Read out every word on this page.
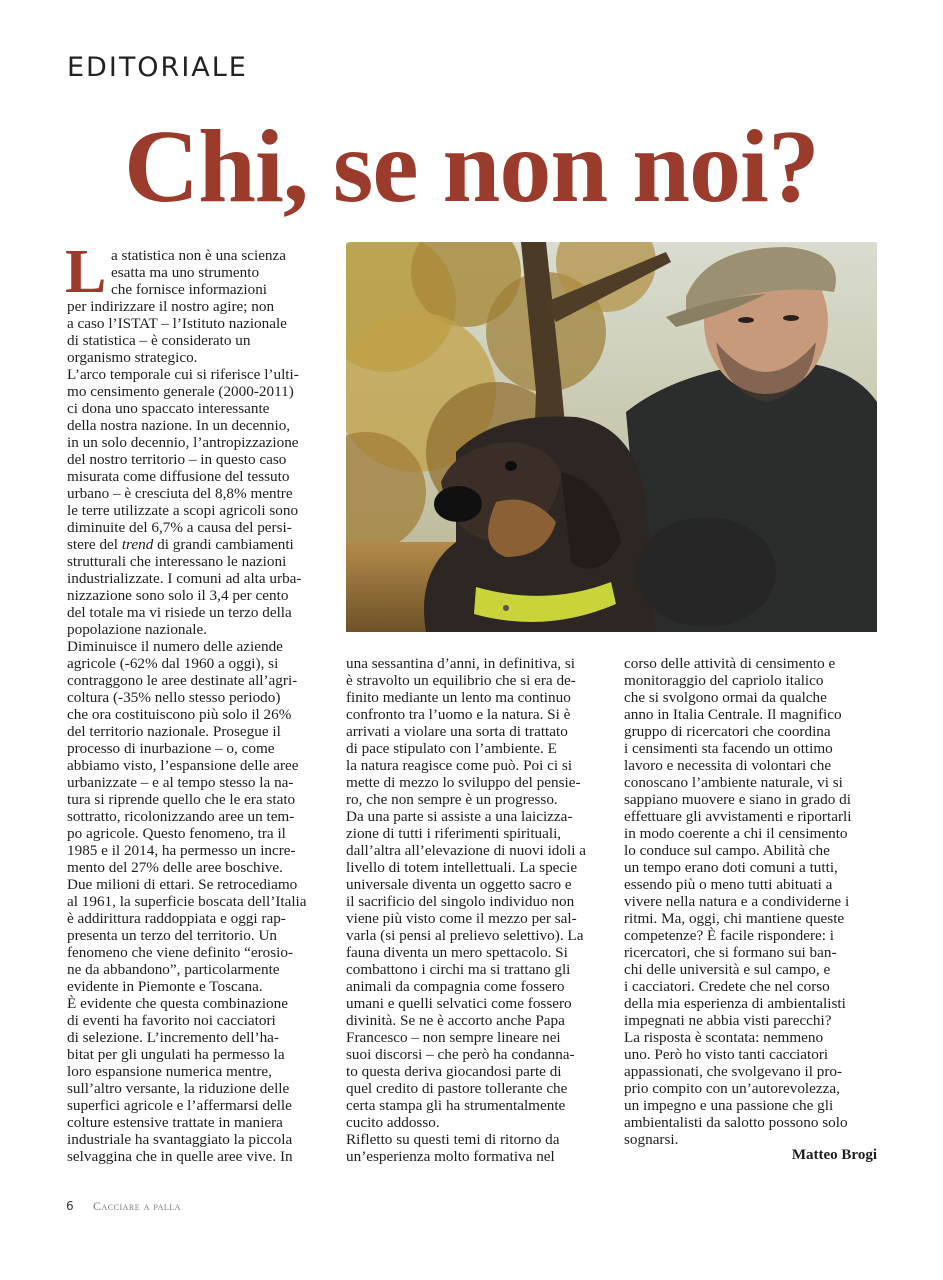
EDITORIALE
Chi, se non noi?
L a statistica non è una scienza
esatta ma uno strumento
che fornisce informazioni
per indirizzare il nostro agire; non
a caso l’ISTAT – l’Istituto nazionale
di statistica – è considerato un
organismo strategico.
L’arco temporale cui si riferisce l’ulti-
mo censimento generale (2000-2011)
ci dona uno spaccato interessante
della nostra nazione. In un decennio,
in un solo decennio, l’antropizzazione
del nostro territorio – in questo caso
misurata come diffusione del tessuto
urbano – è cresciuta del 8,8% mentre
le terre utilizzate a scopi agricoli sono
diminuite del 6,7% a causa del persi-
stere del trend di grandi cambiamenti
strutturali che interessano le nazioni
industrializzate. I comuni ad alta urba-
nizzazione sono solo il 3,4 per cento
del totale ma vi risiede un terzo della
popolazione nazionale.
Diminuisce il numero delle aziende
agricole (-62% dal 1960 a oggi), si
contraggono le aree destinate all’agri-
coltura (-35% nello stesso periodo)
che ora costituiscono più solo il 26%
del territorio nazionale. Prosegue il
processo di inurbazione – o, come
abbiamo visto, l’espansione delle aree
urbanizzate – e al tempo stesso la na-
tura si riprende quello che le era stato
sottratto, ricolonizzando aree un tem-
po agricole. Questo fenomeno, tra il
1985 e il 2014, ha permesso un incre-
mento del 27% delle aree boschive.
Due milioni di ettari. Se retrocediamo
al 1961, la superficie boscata dell’Italia
è addirittura raddoppiata e oggi rap-
presenta un terzo del territorio. Un
fenomeno che viene definito “erosio-
ne da abbandono”, particolarmente
evidente in Piemonte e Toscana.
È evidente che questa combinazione
di eventi ha favorito noi cacciatori
di selezione. L’incremento dell’ha-
bitat per gli ungulati ha permesso la
loro espansione numerica mentre,
sull’altro versante, la riduzione delle
superfici agricole e l’affermarsi delle
colture estensive trattate in maniera
industriale ha svantaggiato la piccola
selvaggina che in quelle aree vive. In
una sessantina d’anni, in definitiva, si
è stravolto un equilibrio che si era de-
finito mediante un lento ma continuo
confronto tra l’uomo e la natura. Si è
arrivati a violare una sorta di trattato
di pace stipulato con l’ambiente. E
la natura reagisce come può. Poi ci si
mette di mezzo lo sviluppo del pensie-
ro, che non sempre è un progresso.
Da una parte si assiste a una laicizza-
zione di tutti i riferimenti spirituali,
dall’altra all’elevazione di nuovi idoli a
livello di totem intellettuali. La specie
universale diventa un oggetto sacro e
il sacrificio del singolo individuo non
viene più visto come il mezzo per sal-
varla (si pensi al prelievo selettivo). La
fauna diventa un mero spettacolo. Si
combattono i circhi ma si trattano gli
animali da compagnia come fossero
umani e quelli selvatici come fossero
divinità. Se ne è accorto anche Papa
Francesco – non sempre lineare nei
suoi discorsi – che però ha condanna-
to questa deriva giocandosi parte di
quel credito di pastore tollerante che
certa stampa gli ha strumentalmente
cucito addosso.
Rifletto su questi temi di ritorno da
un’esperienza molto formativa nel
corso delle attività di censimento e
monitoraggio del capriolo italico
che si svolgono ormai da qualche
anno in Italia Centrale. Il magnifico
gruppo di ricercatori che coordina
i censimenti sta facendo un ottimo
lavoro e necessita di volontari che
conoscano l’ambiente naturale, vi si
sappiano muovere e siano in grado di
effettuare gli avvistamenti e riportarli
in modo coerente a chi il censimento
lo conduce sul campo. Abilità che
un tempo erano doti comuni a tutti,
essendo più o meno tutti abituati a
vivere nella natura e a condividerne i
ritmi. Ma, oggi, chi mantiene queste
competenze? È facile rispondere: i
ricercatori, che si formano sui ban-
chi delle università e sul campo, e
i cacciatori. Credete che nel corso
della mia esperienza di ambientalisti
impegnati ne abbia visti parecchi?
La risposta è scontata: nemmeno
uno. Però ho visto tanti cacciatori
appassionati, che svolgevano il pro-
prio compito con un’autorevolezza,
un impegno e una passione che gli
ambientalisti da salotto possono solo
sognarsi.
Matteo Brogi
6 Cacciare a palla
